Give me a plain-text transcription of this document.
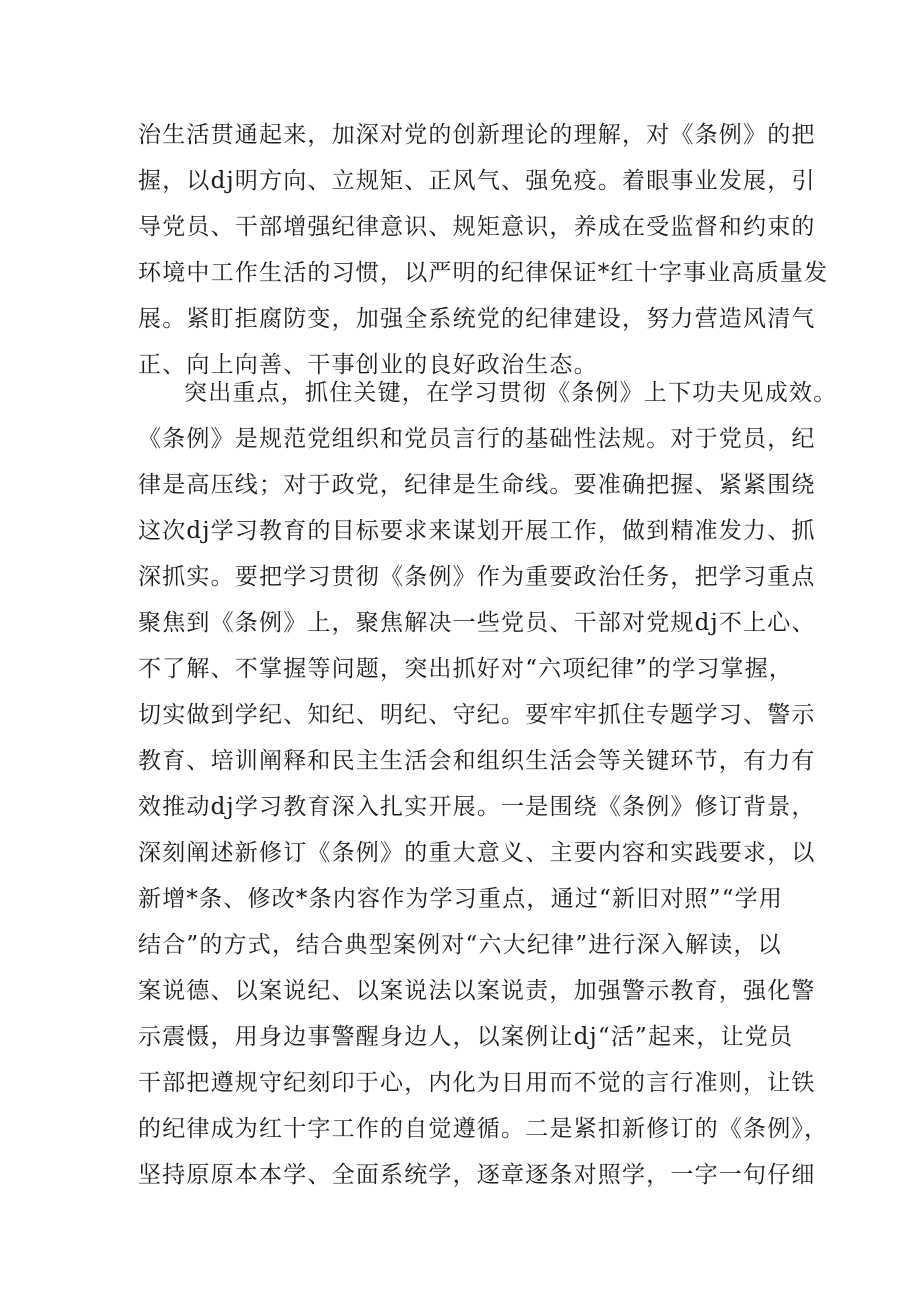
治生活贯通起来，加深对党的创新理论的理解，对《条例》的把
握，以dj明方向、立规矩、正风气、强免疫。着眼事业发展，引
导党员、干部增强纪律意识、规矩意识，养成在受监督和约束的
环境中工作生活的习惯，以严明的纪律保证*红十字事业高质量发
展。紧盯拒腐防变，加强全系统党的纪律建设，努力营造风清气
正、向上向善、干事创业的良好政治生态。
突出重点，抓住关键，在学习贯彻《条例》上下功夫见成效。
《条例》是规范党组织和党员言行的基础性法规。对于党员，纪
律是高压线；对于政党，纪律是生命线。要准确把握、紧紧围绕
这次dj学习教育的目标要求来谋划开展工作，做到精准发力、抓
深抓实。要把学习贯彻《条例》作为重要政治任务，把学习重点
聚焦到《条例》上，聚焦解决一些党员、干部对党规dj不上心、
不了解、不掌握等问题，突出抓好对“六项纪律”的学习掌握，
切实做到学纪、知纪、明纪、守纪。要牢牢抓住专题学习、警示
教育、培训阐释和民主生活会和组织生活会等关键环节，有力有
效推动dj学习教育深入扎实开展。一是围绕《条例》修订背景，
深刻阐述新修订《条例》的重大意义、主要内容和实践要求，以
新增*条、修改*条内容作为学习重点，通过“新旧对照”“学用
结合”的方式，结合典型案例对“六大纪律”进行深入解读，以
案说德、以案说纪、以案说法以案说责，加强警示教育，强化警
示震慑，用身边事警醒身边人，以案例让dj“活”起来，让党员
干部把遵规守纪刻印于心，内化为日用而不觉的言行准则，让铁
的纪律成为红十字工作的自觉遵循。二是紧扣新修订的《条例》，
坚持原原本本学、全面系统学，逐章逐条对照学，一字一句仔细
